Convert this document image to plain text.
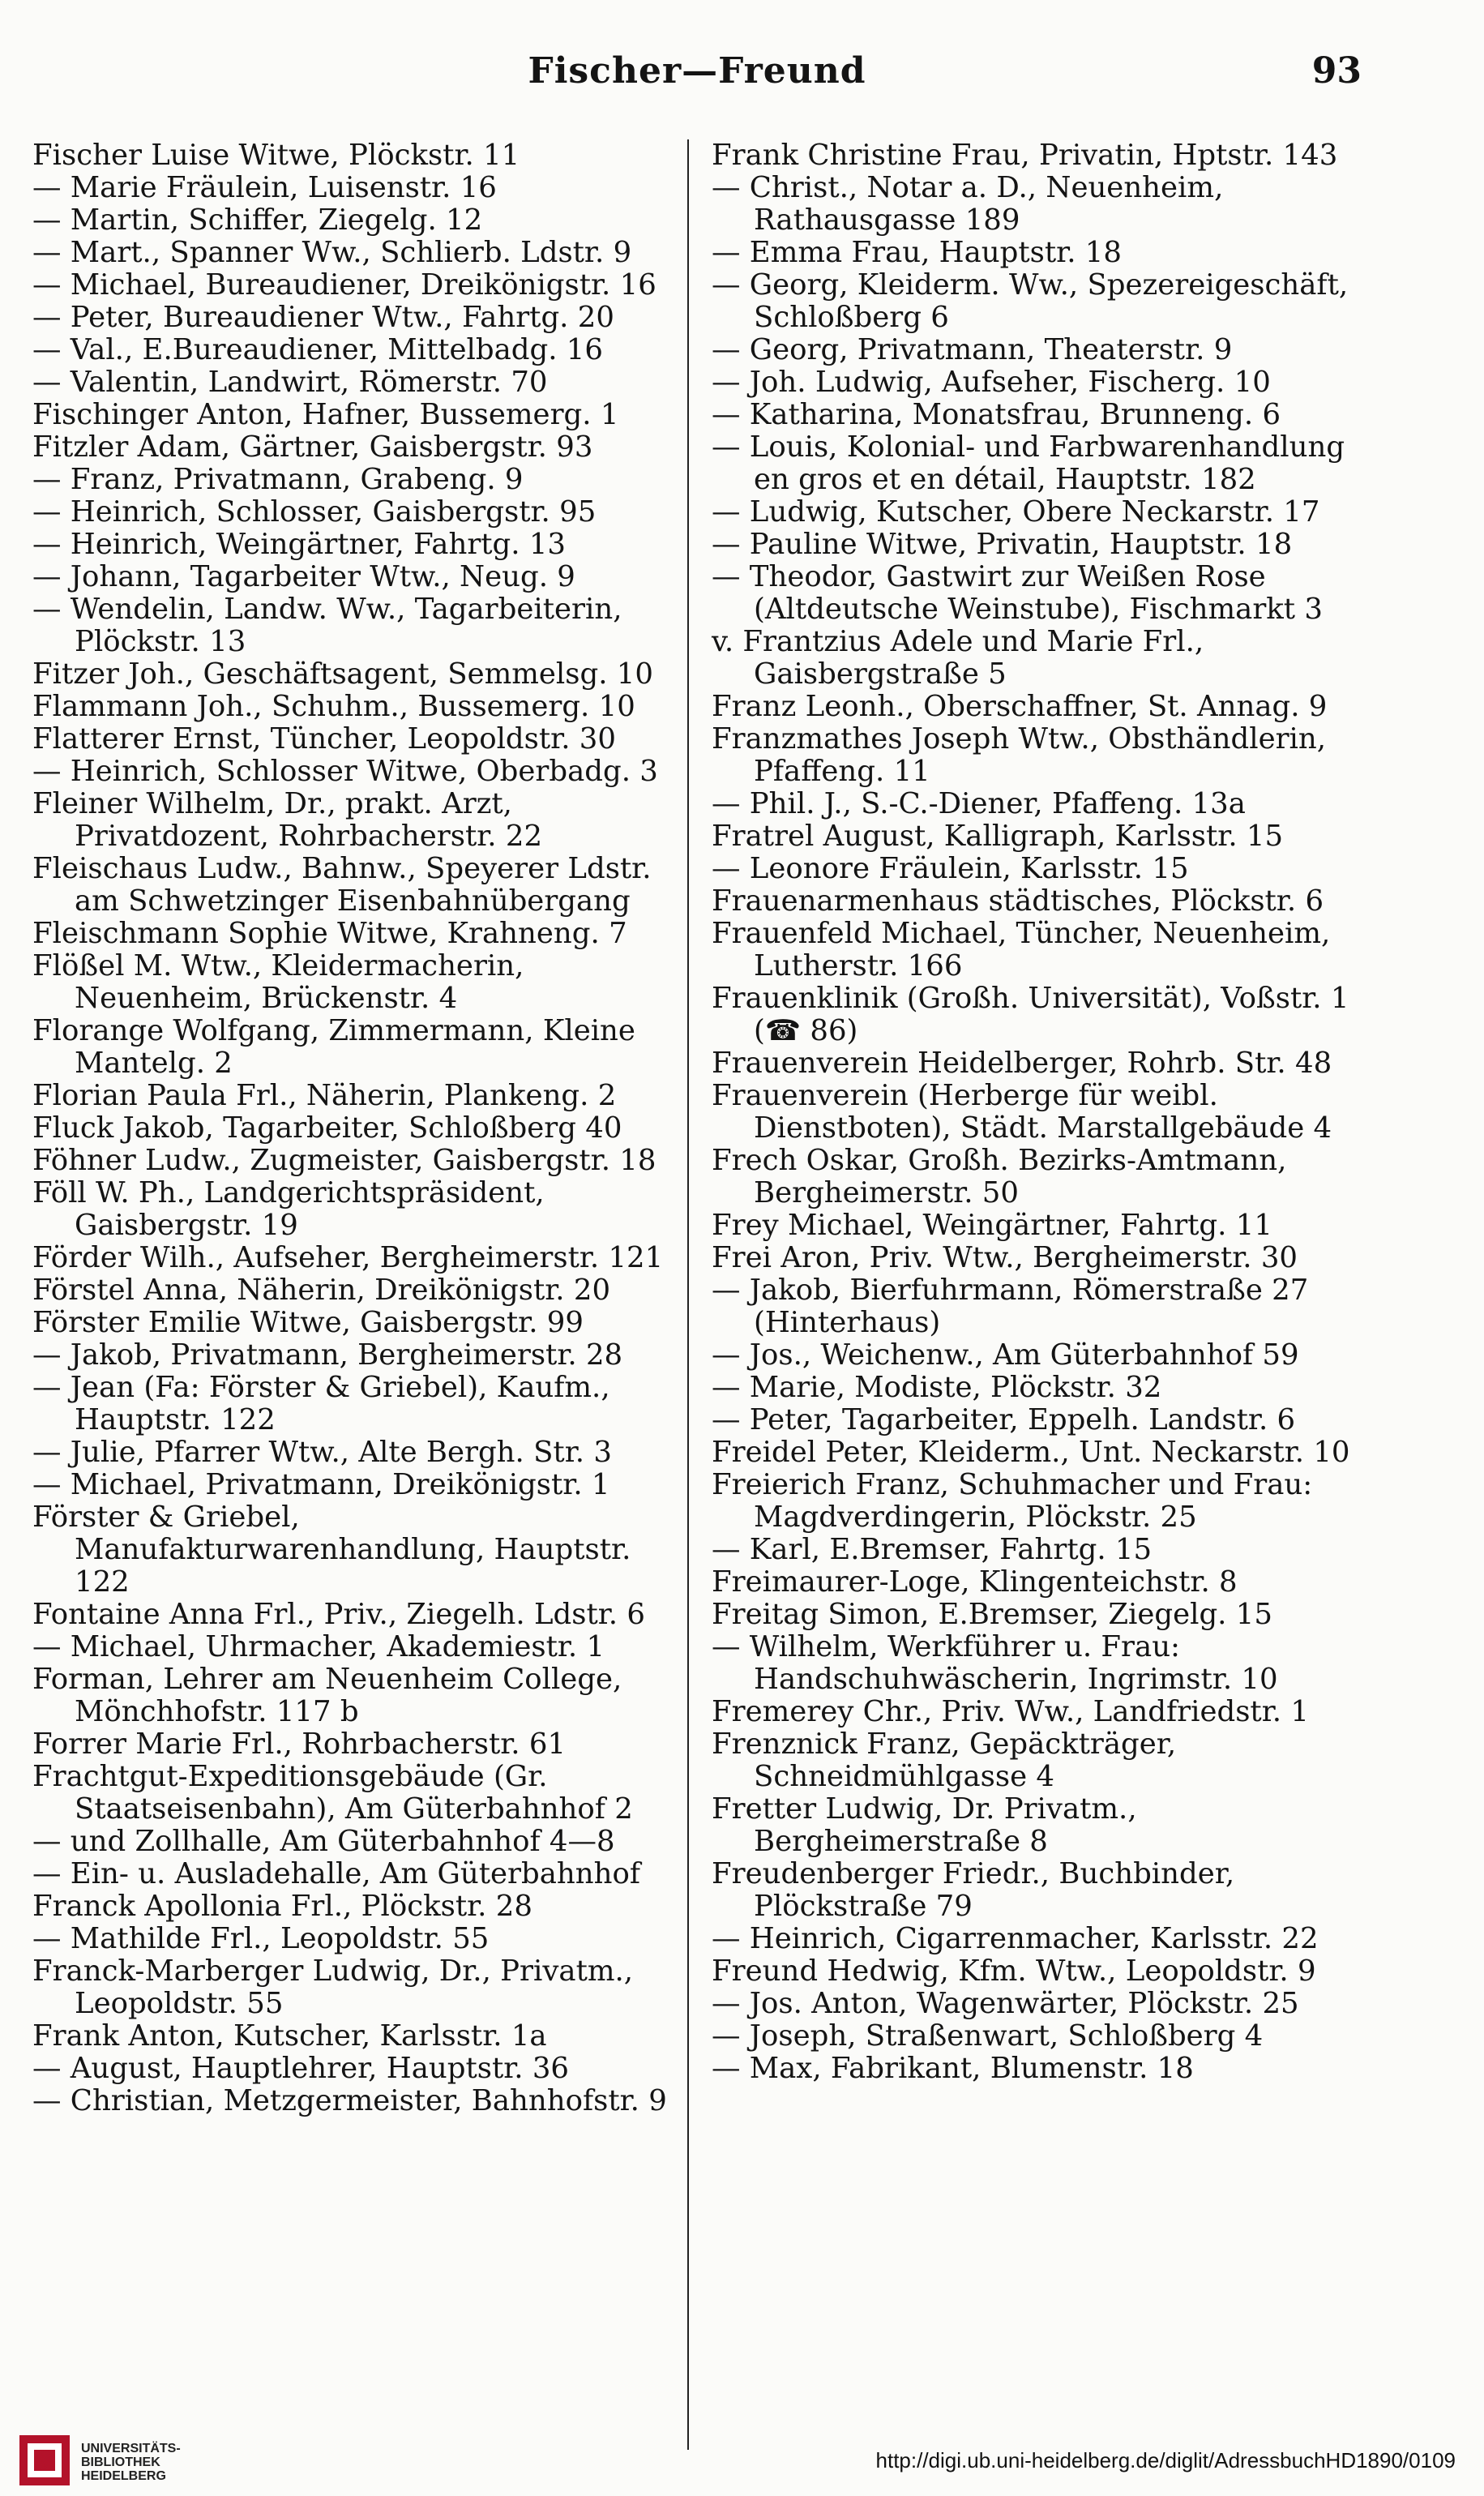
Fischer—Freund	93
Fischer Luise Witwe, Plöckstr. 11
— Marie Fräulein, Luisenstr. 16
— Martin, Schiffer, Ziegelg. 12
— Mart., Spanner Ww., Schlierb. Ldstr. 9
— Michael, Bureaudiener, Dreikönigstr. 16
— Peter, Bureaudiener Wtw., Fahrtg. 20
— Val., E.Bureaudiener, Mittelbadg. 16
— Valentin, Landwirt, Römerstr. 70
Fischinger Anton, Hafner, Bussemerg. 1
Fitzler Adam, Gärtner, Gaisbergstr. 93
— Franz, Privatmann, Grabeng. 9
— Heinrich, Schlosser, Gaisbergstr. 95
— Heinrich, Weingärtner, Fahrtg. 13
— Johann, Tagarbeiter Wtw., Neug. 9
— Wendelin, Landw. Ww., Tagarbeiterin, Plöckstr. 13
Fitzer Joh., Geschäftsagent, Semmelsg. 10
Flammann Joh., Schuhm., Bussemerg. 10
Flatterer Ernst, Tüncher, Leopoldstr. 30
— Heinrich, Schlosser Witwe, Oberbadg. 3
Fleiner Wilhelm, Dr., prakt. Arzt, Privatdozent, Rohrbacherstr. 22
Fleischaus Ludw., Bahnw., Speyerer Ldstr. am Schwetzinger Eisenbahnübergang
Fleischmann Sophie Witwe, Krahneng. 7
Flößel M. Wtw., Kleidermacherin, Neuenheim, Brückenstr. 4
Florange Wolfgang, Zimmermann, Kleine Mantelg. 2
Florian Paula Frl., Näherin, Plankeng. 2
Fluck Jakob, Tagarbeiter, Schloßberg 40
Föhner Ludw., Zugmeister, Gaisbergstr. 18
Föll W. Ph., Landgerichtspräsident, Gaisbergstr. 19
Förder Wilh., Aufseher, Bergheimerstr. 121
Förstel Anna, Näherin, Dreikönigstr. 20
Förster Emilie Witwe, Gaisbergstr. 99
— Jakob, Privatmann, Bergheimerstr. 28
— Jean (Fa: Förster & Griebel), Kaufm., Hauptstr. 122
— Julie, Pfarrer Wtw., Alte Bergh. Str. 3
— Michael, Privatmann, Dreikönigstr. 1
Förster & Griebel, Manufakturwarenhandlung, Hauptstr. 122
Fontaine Anna Frl., Priv., Ziegelh. Ldstr. 6
— Michael, Uhrmacher, Akademiestr. 1
Forman, Lehrer am Neuenheim College, Mönchhofstr. 117 b
Forrer Marie Frl., Rohrbacherstr. 61
Frachtgut-Expeditionsgebäude (Gr. Staatseisenbahn), Am Güterbahnhof 2
— und Zollhalle, Am Güterbahnhof 4—8
— Ein- u. Ausladehalle, Am Güterbahnhof
Franck Apollonia Frl., Plöckstr. 28
— Mathilde Frl., Leopoldstr. 55
Franck-Marberger Ludwig, Dr., Privatm., Leopoldstr. 55
Frank Anton, Kutscher, Karlsstr. 1a
— August, Hauptlehrer, Hauptstr. 36
— Christian, Metzgermeister, Bahnhofstr. 9
Frank Christine Frau, Privatin, Hptstr. 143
— Christ., Notar a. D., Neuenheim, Rathausgasse 189
— Emma Frau, Hauptstr. 18
— Georg, Kleiderm. Ww., Spezereigeschäft, Schloßberg 6
— Georg, Privatmann, Theaterstr. 9
— Joh. Ludwig, Aufseher, Fischerg. 10
— Katharina, Monatsfrau, Brunneng. 6
— Louis, Kolonial- und Farbwarenhandlung en gros et en détail, Hauptstr. 182
— Ludwig, Kutscher, Obere Neckarstr. 17
— Pauline Witwe, Privatin, Hauptstr. 18
— Theodor, Gastwirt zur Weißen Rose (Altdeutsche Weinstube), Fischmarkt 3
v. Frantzius Adele und Marie Frl., Gaisbergstraße 5
Franz Leonh., Oberschaffner, St. Annag. 9
Franzmathes Joseph Wtw., Obsthändlerin, Pfaffeng. 11
— Phil. J., S.-C.-Diener, Pfaffeng. 13a
Fratrel August, Kalligraph, Karlsstr. 15
— Leonore Fräulein, Karlsstr. 15
Frauenarmenhaus städtisches, Plöckstr. 6
Frauenfeld Michael, Tüncher, Neuenheim, Lutherstr. 166
Frauenklinik (Großh. Universität), Voßstr. 1 (☎ 86)
Frauenverein Heidelberger, Rohrb. Str. 48
Frauenverein (Herberge für weibl. Dienstboten), Städt. Marstallgebäude 4
Frech Oskar, Großh. Bezirks-Amtmann, Bergheimerstr. 50
Frey Michael, Weingärtner, Fahrtg. 11
Frei Aron, Priv. Wtw., Bergheimerstr. 30
— Jakob, Bierfuhrmann, Römerstraße 27 (Hinterhaus)
— Jos., Weichenw., Am Güterbahnhof 59
— Marie, Modiste, Plöckstr. 32
— Peter, Tagarbeiter, Eppelh. Landstr. 6
Freidel Peter, Kleiderm., Unt. Neckarstr. 10
Freierich Franz, Schuhmacher und Frau: Magdverdingerin, Plöckstr. 25
— Karl, E.Bremser, Fahrtg. 15
Freimaurer-Loge, Klingenteichstr. 8
Freitag Simon, E.Bremser, Ziegelg. 15
— Wilhelm, Werkführer u. Frau: Handschuhwäscherin, Ingrimstr. 10
Fremerey Chr., Priv. Ww., Landfriedstr. 1
Frenznick Franz, Gepäckträger, Schneidmühlgasse 4
Fretter Ludwig, Dr. Privatm., Bergheimerstraße 8
Freudenberger Friedr., Buchbinder, Plöckstraße 79
— Heinrich, Cigarrenmacher, Karlsstr. 22
Freund Hedwig, Kfm. Wtw., Leopoldstr. 9
— Jos. Anton, Wagenwärter, Plöckstr. 25
— Joseph, Straßenwart, Schloßberg 4
— Max, Fabrikant, Blumenstr. 18
UNIVERSITÄTS-
BIBLIOTHEK
HEIDELBERG
http://digi.ub.uni-heidelberg.de/diglit/AdressbuchHD1890/0109
